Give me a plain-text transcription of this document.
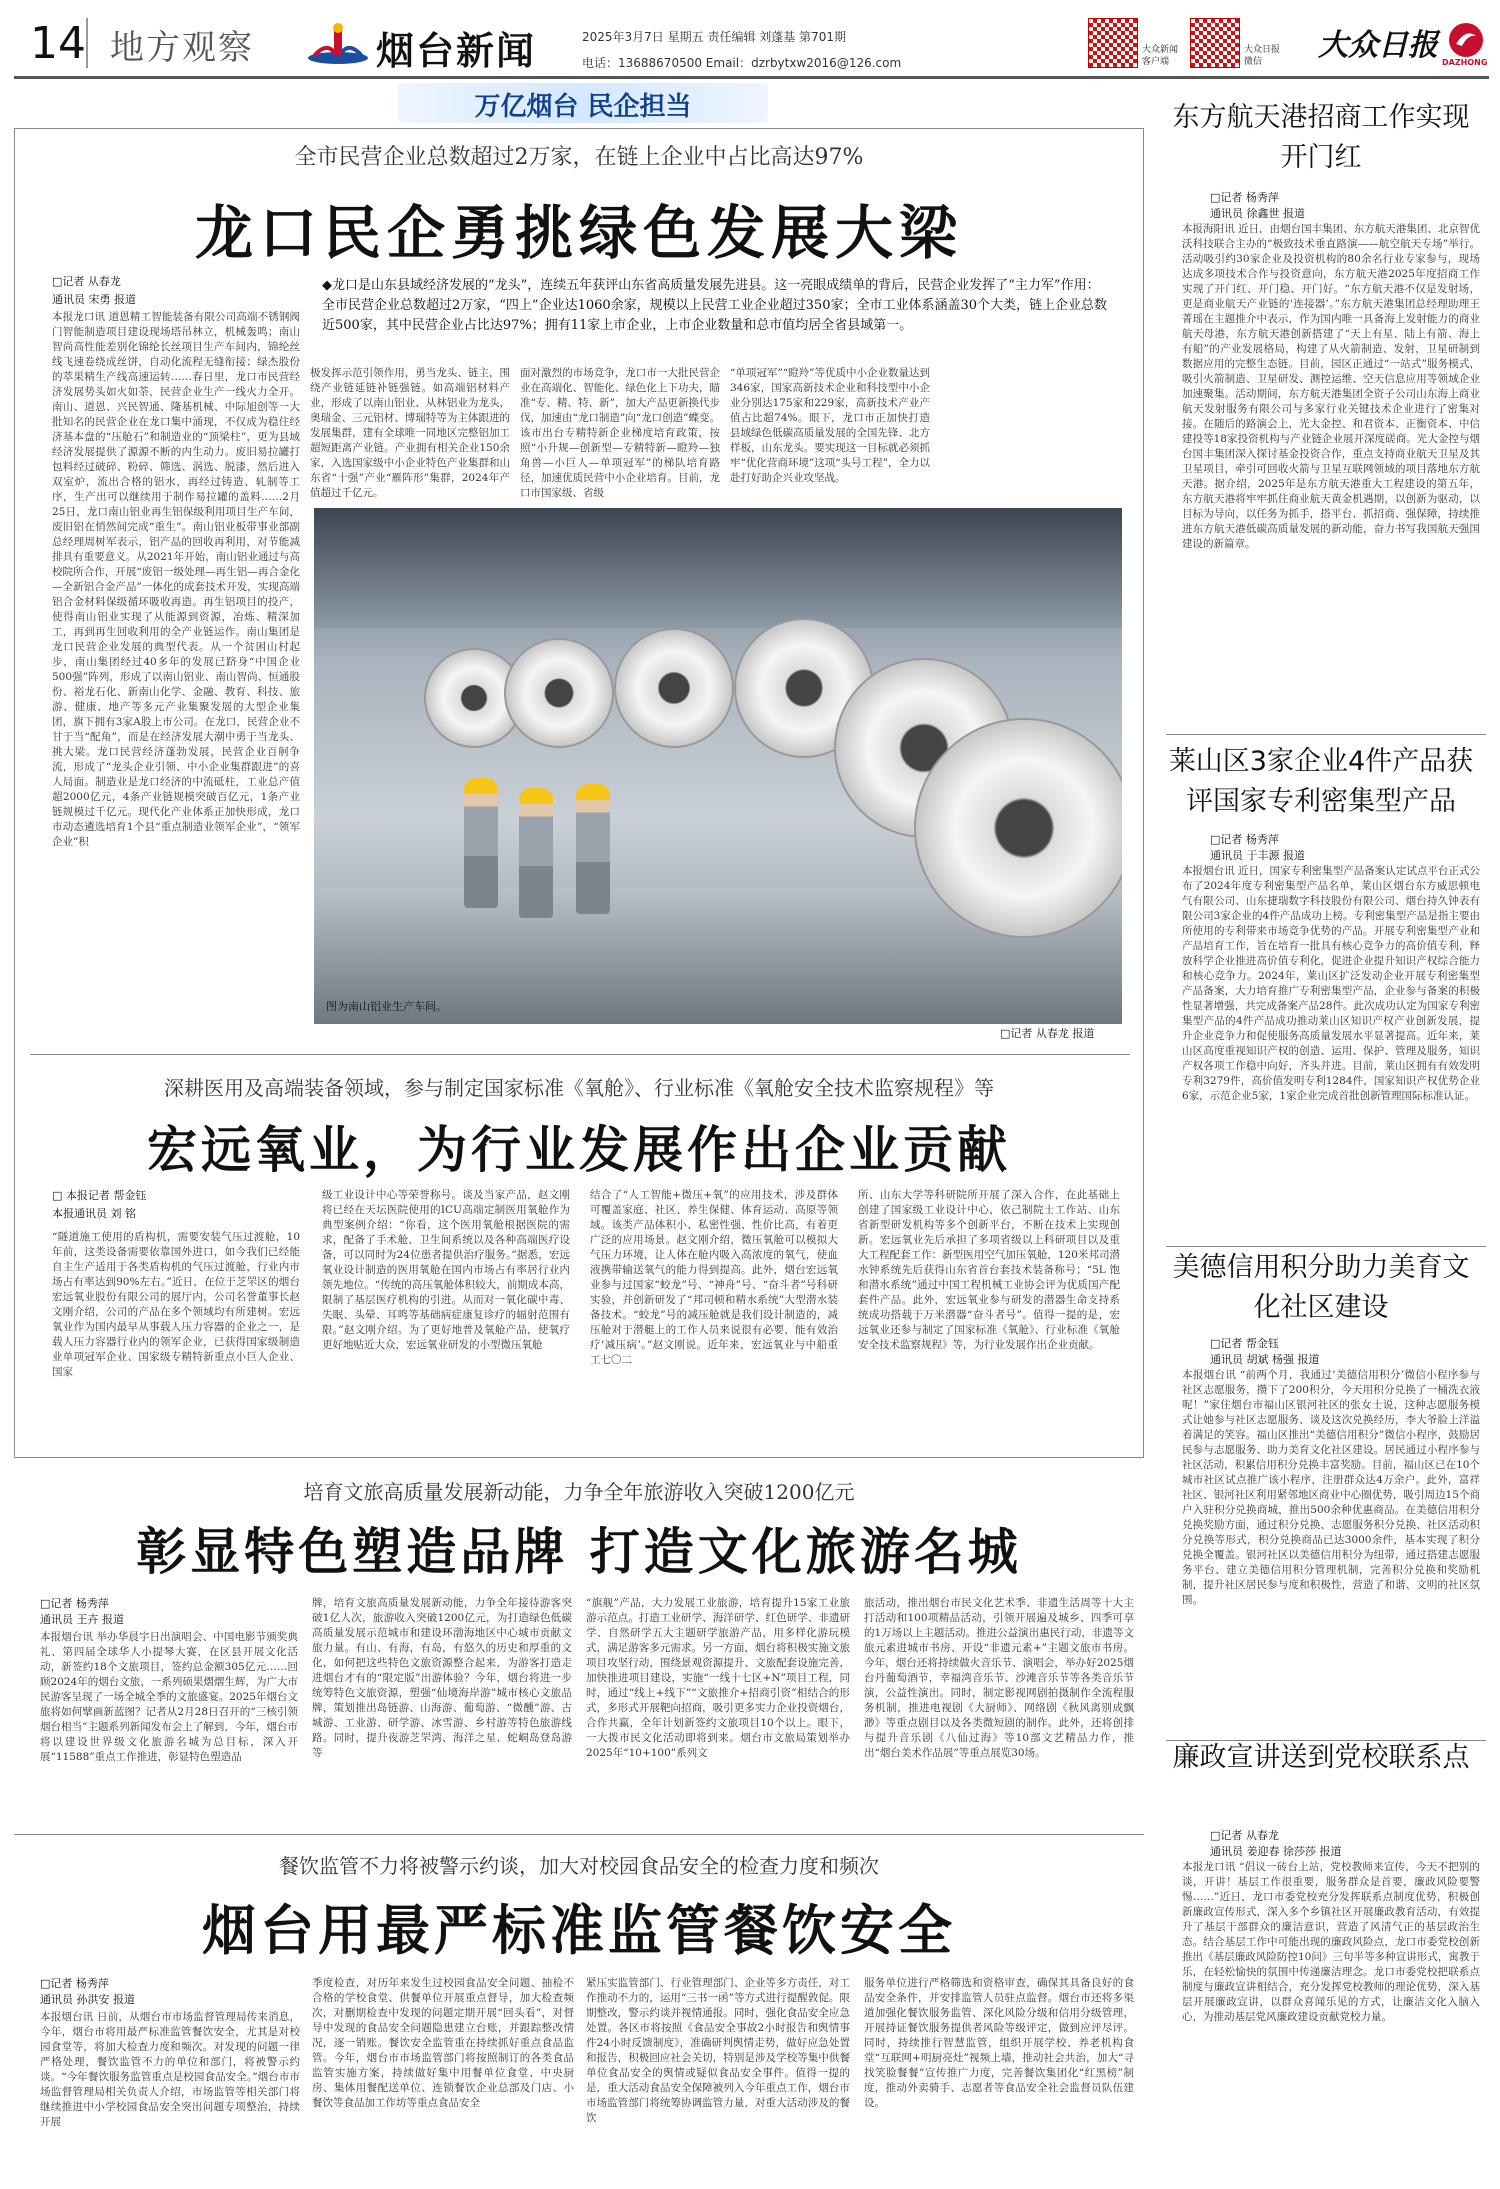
14 地方观察	烟台新闻	2025年3月7日 星期五 责任编辑 刘蓬基 第701期
电话：13688670500 Email：dzrbytxw2016@126.com
大众新闻客户端
大众日报微信	大众日报 DAZHONG
万亿烟台 民企担当
全市民营企业总数超过2万家，在链上企业中占比高达97%
龙口民企勇挑绿色发展大梁
□记者 从春龙
通讯员 宋勇 报道
本报龙口讯 道恩精工智能装备有限公司高端不锈钢阀门智能制造项目建设现场塔吊林立，机械轰鸣；南山智尚高性能差别化锦纶长丝项目生产车间内，锦纶丝线飞速卷绕成丝饼，自动化流程无缝衔接；绿杰股份的萃果精生产线高速运转……春日里，龙口市民营经济发展势头如火如荼，民营企业生产一线火力全开。南山、道恩、兴民智通、隆基机械、中际旭创等一大批知名的民营企业在龙口集中涌现，不仅成为稳住经济基本盘的“压舱石”和制造业的“顶梁柱”，更为县域经济发展提供了源源不断的内生动力。废旧易拉罐打包料经过破碎、粉碎、筛选、涡选、脱漆，然后进入双室炉，流出合格的铝水，再经过铸造、轧制等工序，生产出可以继续用于制作易拉罐的盖料……2月25日，龙口南山铝业再生铝保级利用项目生产车间，废旧铝在悄然间完成“重生”。南山铝业板带事业部副总经理周树军表示，铝产品的回收再利用，对节能减排具有重要意义。从2021年开始，南山铝业通过与高校院所合作，开展“废铝一级处理—再生铝—再合金化—全新铝合金产品”一体化的成套技术开发，实现高端铝合金材料保级循环吸收再造。再生铝项目的投产，使得南山铝业实现了从能源到资源，冶炼、精深加工，再到再生回收利用的全产业链运作。南山集团是龙口民营企业发展的典型代表。从一个贫困山村起步，南山集团经过40多年的发展已跻身“中国企业500强”阵列，形成了以南山铝业、南山智尚、恒通股份、裕龙石化、新南山化学、金融、教育、科技、旅游、健康、地产等多元产业集聚发展的大型企业集团，旗下拥有3家A股上市公司。在龙口，民营企业不甘于当“配角”，而是在经济发展大潮中勇于当龙头、挑大梁。龙口民营经济蓬勃发展，民营企业百舸争流，形成了“龙头企业引领、中小企业集群跟进”的喜人局面。制造业是龙口经济的中流砥柱，工业总产值超2000亿元，4条产业链规模突破百亿元，1条产业链规模过千亿元。现代化产业体系正加快形成，龙口市动态遴选培育1个县“重点制造业领军企业”，“领军企业”积
◆龙口是山东县域经济发展的“龙头”，连续五年获评山东省高质量发展先进县。这一亮眼成绩单的背后，民营企业发挥了“主力军”作用：全市民营企业总数超过2万家，“四上”企业达1060余家，规模以上民营工业企业超过350家；全市工业体系涵盖30个大类，链上企业总数近500家，其中民营企业占比达97%；拥有11家上市企业，上市企业数量和总市值均居全省县域第一。
极发挥示范引领作用，勇当龙头、链主，围绕产业链延链补链强链。如高端铝材料产业，形成了以南山铝业、从林铝业为龙头，奥瑞金、三元铝材、博瑞特等为主体跟进的发展集群，建有全球唯一同地区完整铝加工超短距离产业链。产业拥有相关企业150余家，入选国家级中小企业特色产业集群和山东省“十强”产业“雁阵形”集群，2024年产值超过千亿元。
面对激烈的市场竞争，龙口市一大批民营企业在高端化、智能化、绿色化上下功夫，瞄准“专、精、特、新”，加大产品更新换代步伐，加速由“龙口制造”向“龙口创造”蝶变。该市出台专精特新企业梯度培育政策，按照“小升规—创新型—专精特新—瞪羚—独角兽—小巨人—单项冠军”的梯队培育路径，加速优质民营中小企业培育。目前，龙口市国家级、省级
“单项冠军”“瞪羚”等优质中小企业数量达到346家，国家高新技术企业和科技型中小企业分别达175家和229家，高新技术产业产值占比超74%。眼下，龙口市正加快打造县域绿色低碳高质量发展的全国先锋、北方样板，山东龙头。要实现这一目标就必须抓牢“优化营商环境”这项“头号工程”，全力以赴打好助企兴业攻坚战。
图为南山铝业生产车间。
□记者 从春龙 报道
深耕医用及高端装备领域，参与制定国家标准《氧舱》、行业标准《氧舱安全技术监察规程》等
宏远氧业，为行业发展作出企业贡献
□ 本报记者 帮金钰
本报通讯员 刘 铭
“隧道施工使用的盾构机，需要安装气压过渡舱，10年前，这类设备需要依靠国外进口，如今我们已经能自主生产适用于各类盾构机的气压过渡舱，行业内市场占有率达到90%左右。”近日，在位于芝罘区的烟台宏远氧业股份有限公司的展厅内，公司名誉董事长赵文刚介绍，公司的产品在多个领域均有所建树。宏远氧业作为国内最早从事载人压力容器的企业之一，是载人压力容器行业内的领军企业，已获得国家级制造业单项冠军企业、国家级专精特新重点小巨人企业、国家
级工业设计中心等荣誉称号。谈及当家产品，赵文刚将已经在天坛医院使用的ICU高端定制医用氧舱作为典型案例介绍：“你看，这个医用氧舱根据医院的需求，配备了手术舱、卫生间系统以及各种高端医疗设备，可以同时为24位患者提供治疗服务。”据悉，宏远氧业设计制造的医用氧舱在国内市场占有率居行业内领先地位。“传统的高压氧舱体积较大，前期成本高，限制了基层医疗机构的引进。从而对一氧化碳中毒、失眠、头晕、耳鸣等基础病症康复诊疗的辐射范围有限。”赵文刚介绍。为了更好地普及氧舱产品，使氧疗更好地贴近大众，宏远氧业研发的小型微压氧舱
结合了“人工智能+微压+氧”的应用技术，涉及群体可覆盖家庭、社区、养生保健、体育运动、高原等领域。该类产品体积小、私密性强、性价比高，有着更广泛的应用场景。赵文刚介绍，微压氧舱可以模拟大气压力环境，让人体在舱内吸入高浓度的氧气，使血液携带输送氧气的能力得到提高。此外，烟台宏远氧业参与过国家“蛟龙”号、“神舟”号、“奋斗者”号科研实验，并创新研发了“邦司顿和精水系统”大型潜水装备技术。“蛟龙”号的减压舱就是我们设计制造的，减压舱对于潜艇上的工作人员来说很有必要，能有效治疗‘减压病’。”赵文刚说。近年来，宏远氧业与中船重工七〇二
所、山东大学等科研院所开展了深入合作，在此基础上创建了国家级工业设计中心，依己制院士工作站、山东省新型研发机构等多个创新平台，不断在技术上实现创新。宏远氧业先后承担了多项省级以上科研项目以及重大工程配套工作：新型医用空气加压氧舱，120米邦司潜水钟系统先后获得山东省首台套技术装备称号；“5L 饱和潜水系统”通过中国工程机械工业协会评为优质国产配套件产品。此外，宏远氧业参与研发的潜器生命支持系统成功搭载于万米潜器“奋斗者号”。值得一提的是，宏远氧业还参与制定了国家标准《氧舱》、行业标准《氧舱安全技术监察规程》等，为行业发展作出企业贡献。
培育文旅高质量发展新动能，力争全年旅游收入突破1200亿元
彰显特色塑造品牌 打造文化旅游名城
□记者 杨秀萍
通讯员 王卉 报道
本报烟台讯 举办华晨宇日出演唱会、中国电影节颁奖典礼、第四届全球华人小提琴大赛，在区县开展文化活动，新签约18个文旅项目，签约总金额305亿元……回顾2024年的烟台文旅，一系列硕果熠熠生辉，为广大市民游客呈现了一场全城全季的文旅盛宴。2025年烟台文旅将如何擘画新蓝图？记者从2月28日召开的“三核引领 烟台相当”主题系列新闻发布会上了解到，今年，烟台市将以建设世界级文化旅游名城为总目标，深入开展“11588”重点工作推进，彰显特色塑造品
牌，培育文旅高质量发展新动能，力争全年接待游客突破1亿人次，旅游收入突破1200亿元，为打造绿色低碳高质量发展示范城市和建设环渤海地区中心城市贡献文旅力量。有山、有海，有岛，有悠久的历史和厚重的文化，如何把这些特色文旅资源整合起来，为游客打造走进烟台才有的“限定版”出游体验？今年，烟台将进一步统筹特色文旅资源，塑强“仙境海岸游”城市核心文旅品牌，策划推出岛链游、山海游、葡萄游、“微醺”游、古城游、工业游、研学游、冰雪游、乡村游等特色旅游线路。同时，提升夜游芝罘湾、海洋之星、蛇峒岛登岛游等
“旗舰”产品，大力发展工业旅游，培育提升15家工业旅游示范点。打造工业研学、海洋研学、红色研学、非遗研学、自然研学五大主题研学旅游产品，用多样化游玩模式，满足游客多元需求。另一方面，烟台将积极实施文旅项目攻坚行动，围绕景观资源提升、文旅配套设施完善，加快推进项目建设，实施“一线十七区+N”项目工程，同时，通过“线上+线下”“文旅推介+招商引资”相结合的形式，多形式开展靶向招商，吸引更多实力企业投资烟台，合作共赢，全年计划新签约文旅项目10个以上。眼下，一大拨市民文化活动即将到来。烟台市文旅局策划举办2025年“10+100”系列文
旅活动，推出烟台市民文化艺术季、非遗生活周等十大主打活动和100项精品活动，引领开展遍及城乡、四季可享的1万场以上主题活动。推进公益演出惠民行动，非遗等文旅元素进城市书房、开设“非遗元素+”主题文旅市书房。今年，烟台还将持续做火音乐节、演唱会，举办好2025烟台丹葡萄酒节，幸福湾音乐节、沙滩音乐节等各类音乐节演，公益性演出。同时，制定影视网剧拍摄制作全流程服务机制，推进电视剧《大厨师》、网络剧《秋风离别成飘渺》等重点剧目以及各类微短剧的制作。此外，还将创排与提升音乐剧《八仙过海》等10部文艺精品力作，推出“烟台美术作品展”等重点展览30场。
餐饮监管不力将被警示约谈，加大对校园食品安全的检查力度和频次
烟台用最严标准监管餐饮安全
□记者 杨秀萍
通讯员 孙洪安 报道
本报烟台讯 日前，从烟台市市场监督管理局传来消息，今年，烟台市将用最严标准监管餐饮安全，尤其是对校园食堂等，将加大检查力度和频次。对发现的问题一律严格处理，餐饮监管不力的单位和部门，将被警示约谈。“今年餐饮服务监管重点是校园食品安全。”烟台市市场监督管理局相关负责人介绍，市场监管等相关部门将继续推进中小学校园食品安全突出问题专项整治，持续开展
季度检查，对历年来发生过校园食品安全问题、抽检不合格的学校食堂、供餐单位开展重点督导，加大检查频次，对删期检查中发现的问题定期开展“回头看”，对督导中发现的食品安全问题隐患建立台账，并跟踪整改情况，逐一销账。餐饮安全监管重在持续抓好重点食品监管。今年，烟台市市场监管部门将按照制订的各类食品监管实施方案，持续做好集中用餐单位食堂、中央厨房、集体用餐配送单位、连锁餐饮企业总部及门店、小餐饮等食品加工作坊等重点食品安全
紧压实监管部门、行业管理部门、企业等多方责任，对工作推动不力的，运用“三书一函”等方式进行提醒敦促。限期整改，警示约谈并视情通报。同时，强化食品安全应急处置。各区市将按照《食品安全事故2小时报告和舆情事件24小时反馈制度》，准确研判舆情走势，做好应急处置和报告，积极回应社会关切，特别是涉及学校等集中供餐单位食品安全的舆情或疑似食品安全事件。值得一提的是，重大活动食品安全保障被列入今年重点工作，烟台市市场监管部门将统筹协调监管力量，对重大活动涉及的餐饮
服务单位进行严格筛选和资格审查，确保其具备良好的食品安全条件，并安排监管人员驻点监督。烟台市还将多渠道加强化餐饮服务监管、深化风险分级和信用分级管理，开展持证餐饮服务提供者风险等级评定，做到应评尽评。同时，持续推行智慧监管，组织开展学校、养老机构食堂“互联网+明厨亮灶”视频上墙，推动社会共治，加大“寻找笑脸餐餐”宣传推广力度，完善餐饮集团化“红黑榜”制度，推动外卖骑手、志愿者等食品安全社会监督员队伍建设。
东方航天港招商工作实现开门红
□记者 杨秀萍
通讯员 徐鑫世 报道
本报海阳讯 近日，由烟台国丰集团、东方航天港集团、北京智优沃科技联合主办的“极致技术垂直路演——航空航天专场”举行。活动吸引约30家企业及投资机构的80余名行业专家参与，现场达成多项技术合作与投资意向，东方航天港2025年度招商工作实现了开门红、开门稳、开门好。“东方航天港不仅是发射场，更是商业航天产业链的‘连接器’。”东方航天港集团总经理助理王菁瑶在主题推介中表示，作为国内唯一具备海上发射能力的商业航天母港，东方航天港创新搭建了“天上有星、陆上有箭、海上有船”的产业发展格局，构建了从火箭制造、发射，卫星研制到数据应用的完整生态链。目前，园区正通过“一站式”服务模式，吸引火箭制造、卫星研发、测控运维、空天信息应用等领域企业加速聚集。活动期间，东方航天港集团全资子公司山东海上商业航天发射服务有限公司与多家行业关键技术企业进行了密集对接。在随后的路演会上，光大金控、和君资本、正衡资本、中信建投等18家投资机构与产业链企业展开深度磋商。光大金控与烟台国丰集团深入探讨基金投资合作，重点支持商业航天卫星及其卫星项目，牵引可回收火箭与卫星互联网领域的项目落地东方航天港。据介绍，2025年是东方航天港重大工程建设的第五年，东方航天港将牢牢抓住商业航天黄金机遇期，以创新为驱动，以目标为导向，以任务为抓手，搭平台、抓招商、强保障，持续推进东方航天港低碳高质量发展的新动能，奋力书写我国航天强国建设的新篇章。
莱山区3家企业4件产品获评国家专利密集型产品
□记者 杨秀萍
通讯员 于丰源 报道
本报烟台讯 近日，国家专利密集型产品备案认定试点平台正式公布了2024年度专利密集型产品名单，莱山区烟台东方威思顿电气有限公司、山东捷瑞数字科技股份有限公司、烟台持久钟表有限公司3家企业的4件产品成功上榜。专利密集型产品是指主要由所使用的专利带来市场竞争优势的产品。开展专利密集型产业和产品培育工作，旨在培育一批具有核心竞争力的高价值专利，释放科学企业推进高价值专利化，促进企业提升知识产权综合能力和核心竞争力。2024年，莱山区扩泛发动企业开展专利密集型产品备案，大力培育推广专利密集型产品，企业参与备案的积极性显著增强，共完成备案产品28件。此次成功认定为国家专利密集型产品的4件产品成功推动莱山区知识产权产业创新发展，提升企业竞争力和促使服务高质量发展水平显著提高。近年来，莱山区高度重视知识产权的创造、运用、保护、管理及服务，知识产权各项工作稳中向好，齐头并进。目前，莱山区拥有有效发明专利3279件，高价值发明专利1284件，国家知识产权优势企业6家，示范企业5家，1家企业完成首批创新管理国际标准认证。
美德信用积分助力美育文化社区建设
□记者 帮金钰
通讯员 胡斌 杨强 报道
本报烟台讯 “前两个月，我通过‘美德信用积分’微信小程序参与社区志愿服务，攒下了200积分，今天用积分兑换了一桶洗衣液呢！”家住烟台市福山区银河社区的张女士说，这种志愿服务模式让她参与社区志愿服务、谈及这次兑换经历，李大爷脸上洋溢着满足的笑容。福山区推出“美德信用积分”微信小程序，鼓励居民参与志愿服务、助力美育文化社区建设。居民通过小程序参与社区活动，积累信用积分兑换丰富奖励。目前，福山区已在10个城市社区试点推广该小程序，注册群众达4万余户。此外，富祥社区、银河社区利用紧邻地区商业中心圈优势，吸引周边15个商户入驻积分兑换商城，推出500余种优惠商品。在美德信用积分兑换奖励方面，通过积分兑换、志愿服务积分兑换、社区活动积分兑换等形式，积分兑换商品已达3000余件，基本实现了积分兑换全覆盖。银河社区以美德信用积分为纽带，通过搭建志愿服务平台、建立美德信用积分管理机制，完善积分兑换和奖励机制，提升社区居民参与度和积极性，营造了和谐、文明的社区氛围。
廉政宣讲送到党校联系点
□记者 从春龙
通讯员 姜迎春 徐莎莎 报道
本报龙口讯 “倡议一砖台上站，党校教师来宣传，今天不把别的谈，开讲！基层工作很重要，服务群众是首要，廉政风险要警惕……”近日，龙口市委党校充分发挥联系点制度优势，积极创新廉政宣传形式，深入多个乡镇社区开展廉政教育活动，有效提升了基层干部群众的廉洁意识，营造了风清气正的基层政治生态。结合基层工作中可能出现的廉政风险点，龙口市委党校创新推出《基层廉政风险防控10问》三句半等多种宣讲形式，寓教于乐，在轻松愉快的氛围中传递廉洁理念。龙口市委党校把联系点制度与廉政宣讲相结合，充分发挥党校教师的理论优势，深入基层开展廉政宣讲，以群众喜闻乐见的方式，让廉洁文化入脑入心，为推动基层党风廉政建设贡献党校力量。
